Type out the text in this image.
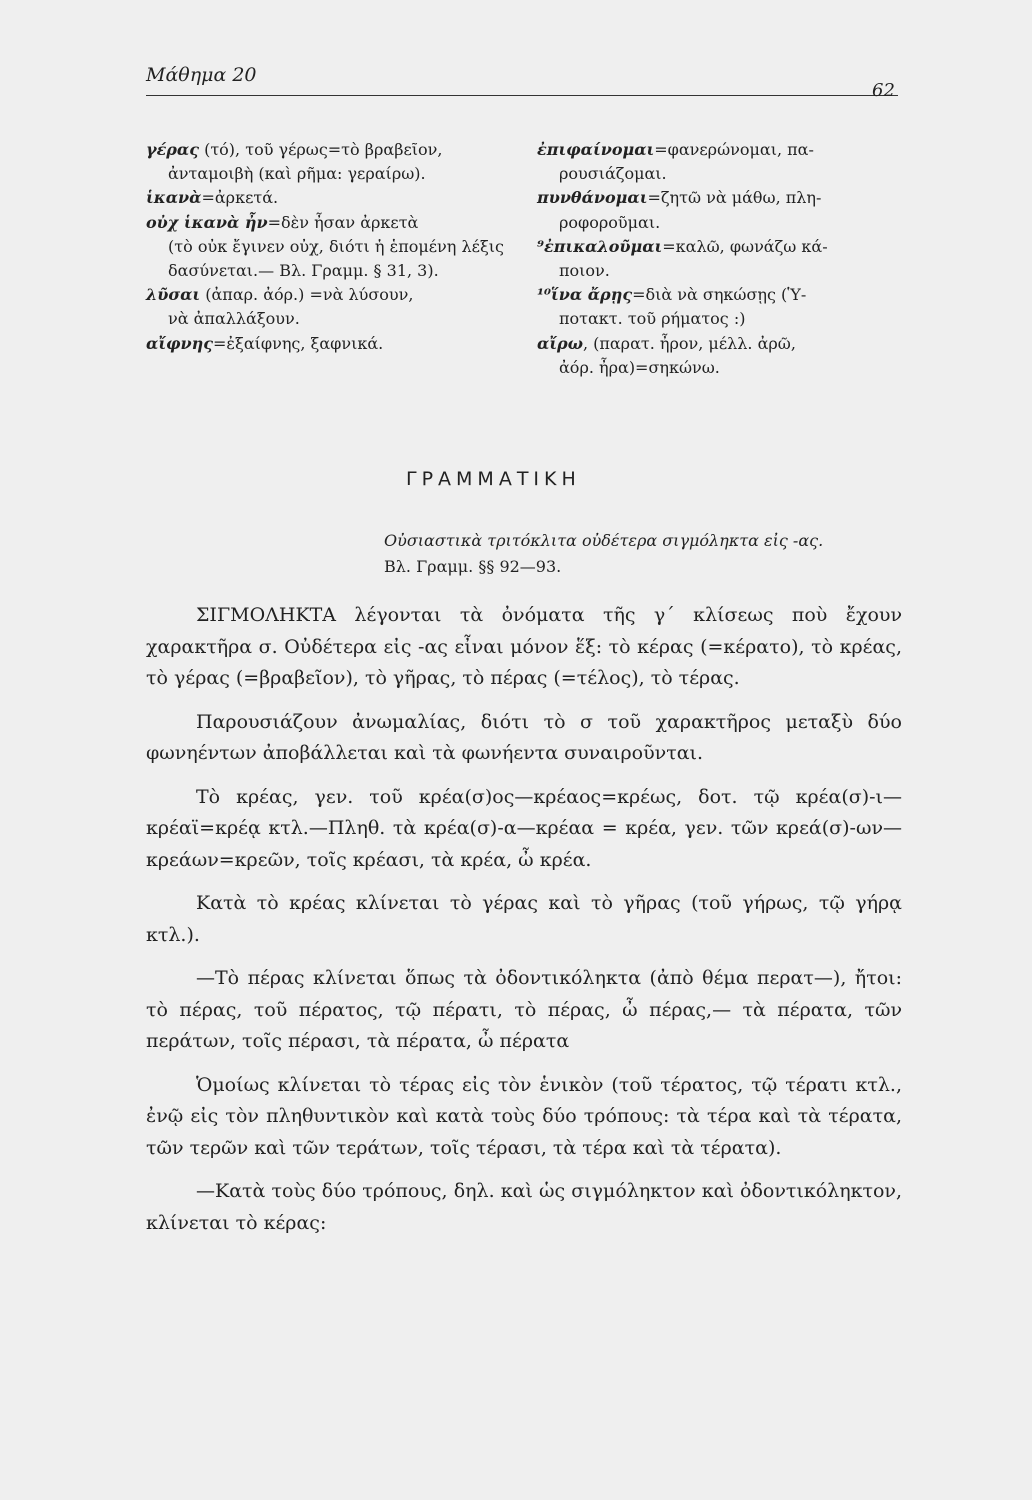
Μάθημα 20
62

γέρας (τό), τοῦ γέρως=τὸ βραβεῖον,
ἀνταμοιβὴ (καὶ ρῆμα: γεραίρω).

ἱκανὰ=ἀρκετά.

οὐχ ἱκανὰ ἦν=δὲν ἦσαν ἀρκετὰ
(τὸ οὐκ ἔγινεν οὐχ, διότι ἡ ἑπομένη λέξις δασύνεται.— Βλ. Γραμμ. § 31, 3).

λῦσαι (ἀπαρ. ἀόρ.) =νὰ λύσουν,
νὰ ἀπαλλάξουν.

αἴφνης=ἐξαίφνης, ξαφνικά.

ἐπιφαίνομαι=φανερώνομαι, πα-
ρουσιάζομαι.

πυνθάνομαι=ζητῶ νὰ μάθω, πλη-
ροφοροῦμαι.

⁹ἐπικαλοῦμαι=καλῶ, φωνάζω κά-
ποιον.

¹⁰ἵνα ἄρῃς=διὰ νὰ σηκώσῃς (Ὑ-
ποτακτ. τοῦ ρήματος :)

αἴρω, (παρατ. ἦρον, μέλλ. ἀρῶ,
ἀόρ. ἦρα)=σηκώνω.

ΓΡΑΜΜΑΤΙΚΗ
Οὐσιαστικὰ τριτόκλιτα οὐδέτερα σιγμόληκτα εἰς -ας.
Βλ. Γραμμ. §§ 92—93.

ΣΙΓΜΟΛΗΚΤΑ λέγονται τὰ ὀνόματα τῆς γ΄ κλίσεως ποὺ ἔχουν χαρακτῆρα σ. Οὐδέτερα εἰς -ας εἶναι μόνον ἕξ: τὸ κέρας (=κέρατο), τὸ κρέας, τὸ γέρας (=βραβεῖον), τὸ γῆρας, τὸ πέρας (=τέλος), τὸ τέρας.

Παρουσιάζουν ἀνωμαλίας, διότι τὸ σ τοῦ χαρακτῆρος μεταξὺ δύο φωνηέντων ἀποβάλλεται καὶ τὰ φωνήεντα συναιροῦνται.

Τὸ κρέας, γεν. τοῦ κρέα(σ)ος—κρέαος=κρέως, δοτ. τῷ κρέα(σ)-ι—κρέαϊ=κρέᾳ κτλ.—Πληθ. τὰ κρέα(σ)-α—κρέαα = κρέα, γεν. τῶν κρεά(σ)-ων—κρεάων=κρεῶν, τοῖς κρέασι, τὰ κρέα, ὦ κρέα.

Κατὰ τὸ κρέας κλίνεται τὸ γέρας καὶ τὸ γῆρας (τοῦ γήρως, τῷ γήρᾳ κτλ.).

—Τὸ πέρας κλίνεται ὅπως τὰ ὀδοντικόληκτα (ἀπὸ θέμα περατ—), ἤτοι: τὸ πέρας, τοῦ πέρατος, τῷ πέρατι, τὸ πέρας, ὦ πέρας,— τὰ πέρατα, τῶν περάτων, τοῖς πέρασι, τὰ πέρατα, ὦ πέρατα

Ὁμοίως κλίνεται τὸ τέρας εἰς τὸν ἑνικὸν (τοῦ τέρατος, τῷ τέρατι κτλ., ἐνῷ εἰς τὸν πληθυντικὸν καὶ κατὰ τοὺς δύο τρόπους: τὰ τέρα καὶ τὰ τέρατα, τῶν τερῶν καὶ τῶν τεράτων, τοῖς τέρασι, τὰ τέρα καὶ τὰ τέρατα).

—Κατὰ τοὺς δύο τρόπους, δηλ. καὶ ὡς σιγμόληκτον καὶ ὀδοντικόληκτον, κλίνεται τὸ κέρας:
